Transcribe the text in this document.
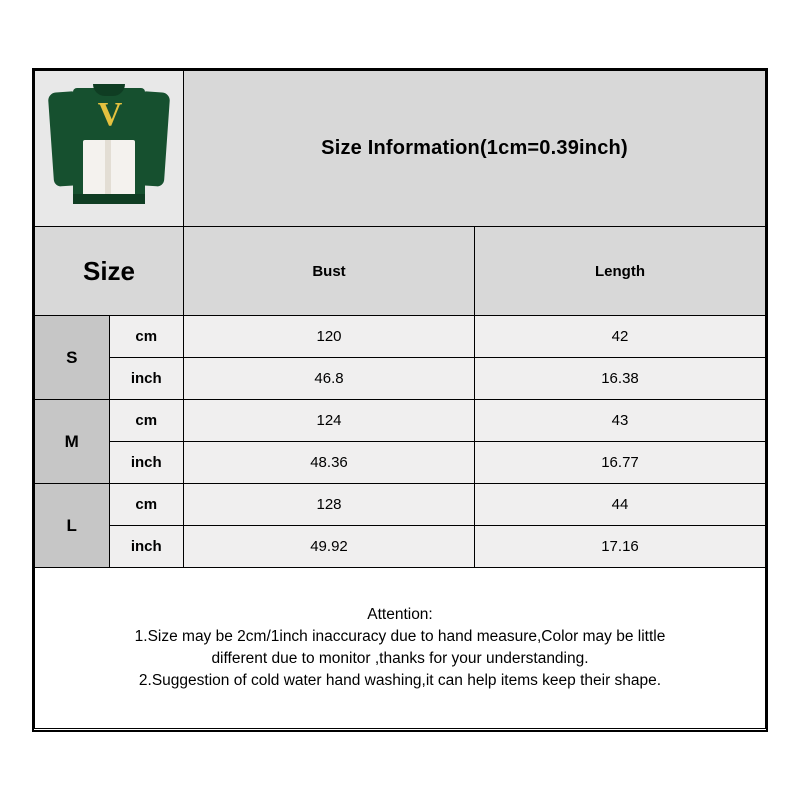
V		Size Information(1cm=0.39inch)	
Size		Bust	Length
S	cm	120	42
	inch	46.8	16.38
M	cm	124	43
	inch	48.36	16.77
L	cm	128	44
	inch	49.92	17.16

Attention:
1.Size may be 2cm/1inch inaccuracy due to hand measure,Color may be little
different due to monitor ,thanks for your understanding.
2.Suggestion of cold water hand washing,it can help items keep their shape.			
